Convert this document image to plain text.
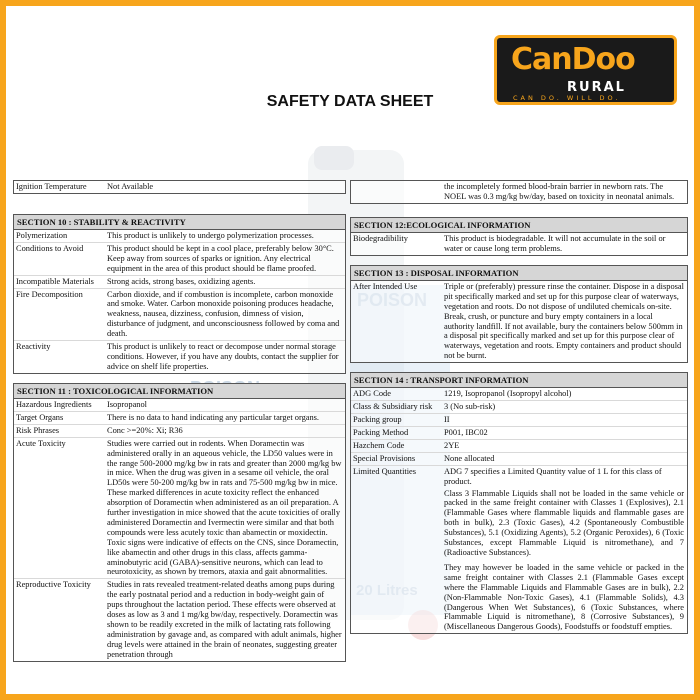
CanDoo
RURAL
CAN DO. WILL DO.
SAFETY DATA SHEET
Ignition Temperature	Not Available
SECTION 10 : STABILITY & REACTIVITY
Polymerization	This product is unlikely to undergo polymerization processes.
Conditions to Avoid	This product should be kept in a cool place, preferably below 30°C. Keep away from sources of sparks or ignition. Any electrical equipment in the area of this product should be flame proofed.
Incompatible Materials	Strong acids, strong bases, oxidizing agents.
Fire Decomposition	Carbon dioxide, and if combustion is incomplete, carbon monoxide and smoke. Water. Carbon monoxide poisoning produces headache, weakness, nausea, dizziness, confusion, dimness of vision, disturbance of judgment, and unconsciousness followed by coma and death.
Reactivity	This product is unlikely to react or decompose under normal storage conditions. However, if you have any doubts, contact the supplier for advice on shelf life properties.
SECTION 11 : TOXICOLOGICAL INFORMATION
Hazardous Ingredients	Isopropanol
Target Organs	There is no data to hand indicating any particular target organs.
Risk Phrases	Conc >=20%: Xi; R36
Acute Toxicity	Studies were carried out in rodents. When Doramectin was administered orally in an aqueous vehicle, the LD50 values were in the range 500-2000 mg/kg bw in rats and greater than 2000 mg/kg bw in mice. When the drug was given in a sesame oil vehicle, the oral LD50s were 50-200 mg/kg bw in rats and 75-500 mg/kg bw in mice. These marked differences in acute toxicity reflect the enhanced absorption of Doramectin when administered as an oil preparation. A further investigation in mice showed that the acute toxicities of orally administered Doramectin and Ivermectin were similar and that both compounds were less acutely toxic than abamectin or moxidectin. Toxic signs were indicative of effects on the CNS, since Doramectin, like abamectin and other drugs in this class, affects gamma-aminobutyric acid (GABA)-sensitive neurons, which can lead to neurotoxicity, as shown by tremors, ataxia and gait abnormalities.
Reproductive Toxicity	Studies in rats revealed treatment-related deaths among pups during the early postnatal period and a reduction in body-weight gain of pups throughout the lactation period. These effects were observed at doses as low as 3 and 1 mg/kg bw/day, respectively. Doramectin was shown to be readily excreted in the milk of lactating rats following administration by gavage and, as compared with adult animals, higher drug levels were attained in the brain of neonates, suggesting greater penetration through
the incompletely formed blood-brain barrier in newborn rats. The NOEL was 0.3 mg/kg bw/day, based on toxicity in neonatal animals.
SECTION 12:ECOLOGICAL INFORMATION
Biodegradibility	This product is biodegradable. It will not accumulate in the soil or water or cause long term problems.
SECTION 13 : DISPOSAL INFORMATION
After Intended Use	Triple or (preferably) pressure rinse the container. Dispose in a disposal pit specifically marked and set up for this purpose clear of waterways, vegetation and roots. Do not dispose of undiluted chemicals on-site. Break, crush, or puncture and bury empty containers in a local authority landfill. If not available, bury the containers below 500mm in a disposal pit specifically marked and set up for this purpose clear of waterways, vegetation and roots. Empty containers and product should not be burnt.
SECTION 14 : TRANSPORT INFORMATION
ADG Code	1219, Isopropanol (Isopropyl alcohol)
Class & Subsidiary risk	3 (No sub-risk)
Packing group	II
Packing Method	P001, IBC02
Hazchem Code	2YE
Special Provisions	None allocated
Limited Quantities	ADG 7 specifies a Limited Quantity value of 1 L for this class of product.
Class 3 Flammable Liquids shall not be loaded in the same vehicle or packed in the same freight container with Classes 1 (Explosives), 2.1 (Flammable Gases where flammable liquids and flammable gases are both in bulk), 2.3 (Toxic Gases), 4.2 (Spontaneously Combustible Substances), 5.1 (Oxidizing Agents), 5.2 (Organic Peroxides), 6 (Toxic Substances, except Flammable Liquid is nitromethane), and 7 (Radioactive Substances).
They may however be loaded in the same vehicle or packed in the same freight container with Classes 2.1 (Flammable Gases except where the Flammable Liquids and Flammable Gases are in bulk), 2.2 (Non-Flammable Non-Toxic Gases), 4.1 (Flammable Solids), 4.3 (Dangerous When Wet Substances), 6 (Toxic Substances, where Flammable Liquid is nitromethane), 8 (Corrosive Substances), 9 (Miscellaneous Dangerous Goods), Foodstuffs or foodstuff empties.
